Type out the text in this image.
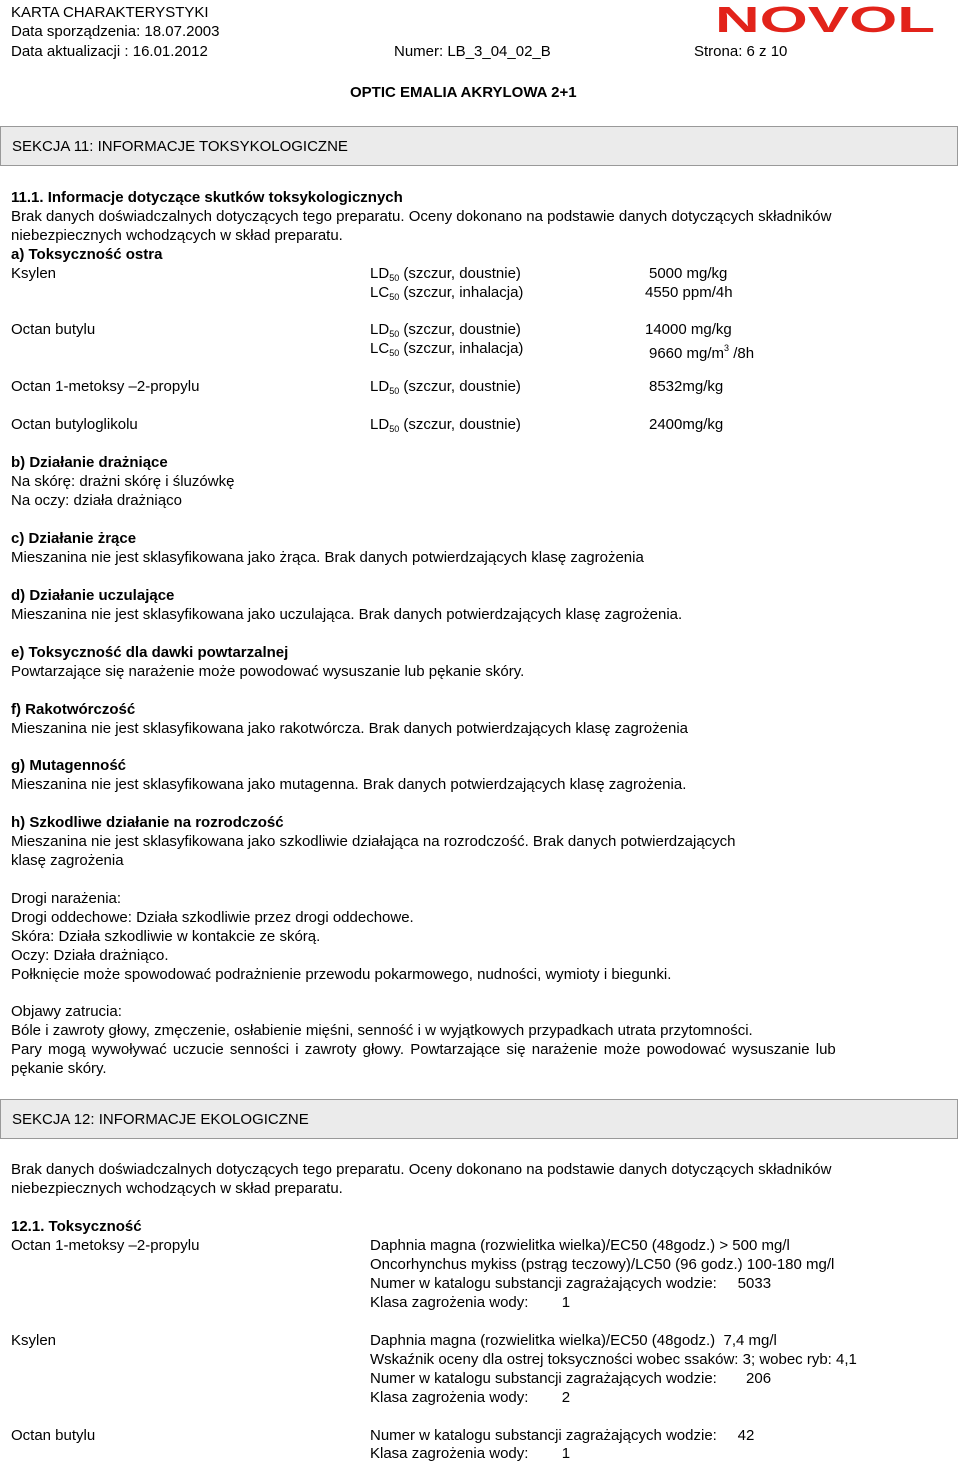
KARTA CHARAKTERYSTYKI
Data sporządzenia: 18.07.2003
Data aktualizacji : 16.01.2012	Numer: LB_3_04_02_B	Strona: 6 z 10
OPTIC EMALIA AKRYLOWA 2+1
NOVOL
SEKCJA 11: INFORMACJE TOKSYKOLOGICZNE
11.1. Informacje dotyczące skutków toksykologicznych
Brak danych doświadczalnych dotyczących tego preparatu. Oceny dokonano na podstawie danych dotyczących składników
niebezpiecznych wchodzących w skład preparatu.
a) Toksyczność ostra
Ksylen	$LD_{50}$ (szczur, doustnie)	5000 mg/kg
$LC_{50}$ (szczur, inhalacja)	4550 ppm/4h
Octan butylu	$LD_{50}$ (szczur, doustnie)	14000 mg/kg
$LC_{50}$ (szczur, inhalacja)	9660 $mg/m^3$ /8h
Octan 1-metoksy –2-propylu	$LD_{50}$ (szczur, doustnie)	8532mg/kg
Octan butyloglikolu	$LD_{50}$ (szczur, doustnie)	2400mg/kg
b) Działanie drażniące
Na skórę: drażni skórę i śluzówkę
Na oczy: działa drażniąco
c) Działanie żrące
Mieszanina nie jest sklasyfikowana jako żrąca. Brak danych potwierdzających klasę zagrożenia
d) Działanie uczulające
Mieszanina nie jest sklasyfikowana jako uczulająca. Brak danych potwierdzających klasę zagrożenia.
e) Toksyczność dla dawki powtarzalnej
Powtarzające się narażenie może powodować wysuszanie lub pękanie skóry.
f) Rakotwórczość
Mieszanina nie jest sklasyfikowana jako rakotwórcza. Brak danych potwierdzających klasę zagrożenia
g) Mutagenność
Mieszanina nie jest sklasyfikowana jako mutagenna. Brak danych potwierdzających klasę zagrożenia.
h) Szkodliwe działanie na rozrodczość
Mieszanina nie jest sklasyfikowana jako szkodliwie działająca na rozrodczość. Brak danych potwierdzających
klasę zagrożenia
Drogi narażenia:
Drogi oddechowe: Działa szkodliwie przez drogi oddechowe.
Skóra: Działa szkodliwie w kontakcie ze skórą.
Oczy: Działa drażniąco.
Połknięcie może spowodować podrażnienie przewodu pokarmowego, nudności, wymioty i biegunki.
Objawy zatrucia:
Bóle i zawroty głowy, zmęczenie, osłabienie mięśni, senność i w wyjątkowych przypadkach utrata przytomności.
Pary mogą wywoływać uczucie senności i zawroty głowy. Powtarzające się narażenie może powodować wysuszanie lub
pękanie skóry.
SEKCJA 12: INFORMACJE EKOLOGICZNE
Brak danych doświadczalnych dotyczących tego preparatu. Oceny dokonano na podstawie danych dotyczących składników
niebezpiecznych wchodzących w skład preparatu.
12.1. Toksyczność
Octan 1-metoksy –2-propylu	Daphnia magna (rozwielitka wielka)/EC50 (48godz.) > 500 mg/l
Oncorhynchus mykiss (pstrąg teczowy)/LC50 (96 godz.) 100-180 mg/l
Numer w katalogu substancji zagrażających wodzie:     5033
Klasa zagrożenia wody:        1
Ksylen	Daphnia magna (rozwielitka wielka)/EC50 (48godz.)  7,4 mg/l
Wskaźnik oceny dla ostrej toksyczności wobec ssaków: 3; wobec ryb: 4,1
Numer w katalogu substancji zagrażających wodzie:       206
Klasa zagrożenia wody:        2
Octan butylu	Numer w katalogu substancji zagrażających wodzie:     42
Klasa zagrożenia wody:        1
